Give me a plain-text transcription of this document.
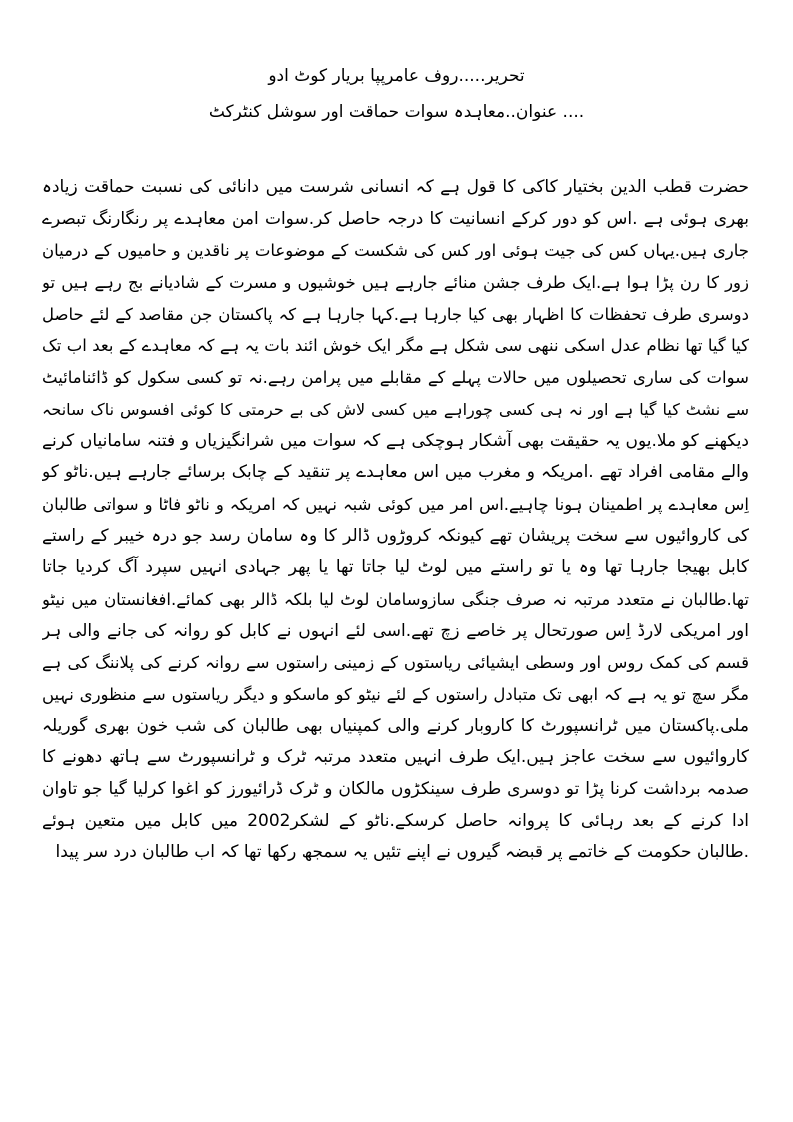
تحریر.....روف عامرپپا بریار کوٹ ادو
.... عنوان..معاہدہ سوات حماقت اور سوشل کنٹرکٹ
حضرت قطب الدین بختیار کاکی کا قول ہے کہ انسانی شرست میں دانائی کی نسبت حماقت زیادہ
بھری ہوئی ہے .اس کو دور کرکے انسانیت کا درجہ حاصل کر.سوات امن معاہدے پر رنگارنگ تبصرے
جاری ہیں.یہاں کس کی جیت ہوئی اور کس کی شکست کے موضوعات پر ناقدین و حامیوں کے درمیان
زور کا رن پڑا ہوا ہے.ایک طرف جشن منائے جارہے ہیں خوشیوں و مسرت کے شادیانے بج رہے ہیں تو
دوسری طرف تحفظات کا اظہار بھی کیا جارہا ہے.کہا جارہا ہے کہ پاکستان جن مقاصد کے لئے حاصل
کیا گیا تھا نظام عدل اسکی ننھی سی شکل ہے مگر ایک خوش ائند بات یہ ہے کہ معاہدے کے بعد اب تک
سوات کی ساری تحصیلوں میں حالات پہلے کے مقابلے میں پرامن رہے.نہ تو کسی سکول کو ڈائنامائیٹ
سے نشٹ کیا گیا ہے اور نہ ہی کسی چوراہے میں کسی لاش کی بے حرمتی کا کوئی افسوس ناک سانحہ
دیکھنے کو ملا.یوں یہ حقیقت بھی آشکار ہوچکی ہے کہ سوات میں شرانگیزیاں و فتنہ سامانیاں کرنے
والے مقامی افراد تھے .امریکہ و مغرب میں اس معاہدے پر تنقید کے چابک برسائے جارہے ہیں.ناٹو کو
اِس معاہدے پر اطمینان ہونا چاہیے.اس امر میں کوئی شبہ نہیں کہ امریکہ و ناٹو فاٹا و سواتی طالبان
کی کاروائیوں سے سخت پریشان تھے کیونکہ کروڑوں ڈالر کا وہ سامان رسد جو درہ خیبر کے راستے
کابل بھیجا جارہا تھا وہ یا تو راستے میں لوٹ لیا جاتا تھا یا پھر جہادی انہیں سپرد آگ کردیا جاتا
تھا.طالبان نے متعدد مرتبہ نہ صرف جنگی سازوسامان لوٹ لیا بلکہ ڈالر بھی کمائے.افغانستان میں نیٹو
اور امریکی لارڈ اِس صورتحال پر خاصے زچ تھے.اسی لئے انہوں نے کابل کو روانہ کی جانے والی ہر
قسم کی کمک روس اور وسطی ایشیائی ریاستوں کے زمینی راستوں سے روانہ کرنے کی پلاننگ کی ہے
مگر سچ تو یہ ہے کہ ابھی تک متبادل راستوں کے لئے نیٹو کو ماسکو و دیگر ریاستوں سے منظوری نہیں
ملی.پاکستان میں ٹرانسپورٹ کا کاروبار کرنے والی کمپنیاں بھی طالبان کی شب خون بھری گوریلہ
کاروائیوں سے سخت عاجز ہیں.ایک طرف انہیں متعدد مرتبہ ٹرک و ٹرانسپورٹ سے ہاتھ دھونے کا
صدمہ برداشت کرنا پڑا تو دوسری طرف سینکڑوں مالکان و ٹرک ڈرائیورز کو اغوا کرلیا گیا جو تاوان
ادا کرنے کے بعد رہائی کا پروانہ حاصل کرسکے.ناٹو کے لشکر2002 میں کابل میں متعین ہوئے
.طالبان حکومت کے خاتمے پر قبضہ گیروں نے اپنے تئیں یہ سمجھ رکھا تھا کہ اب طالبان درد سر پیدا
